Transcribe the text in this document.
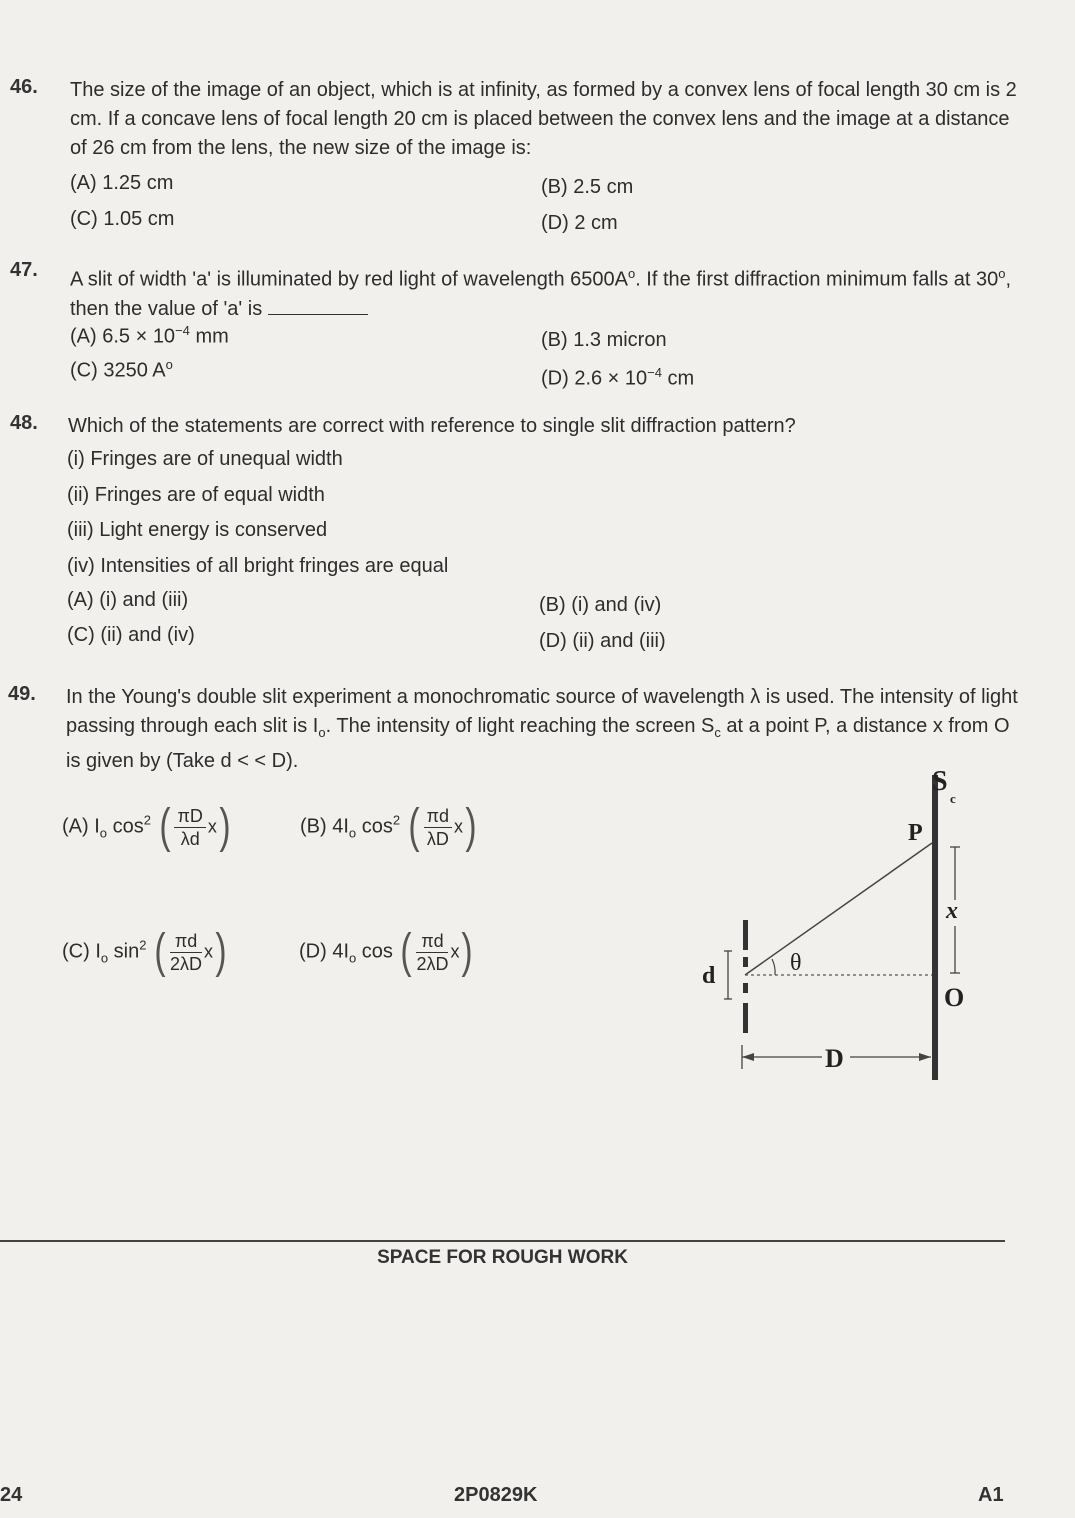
46. The size of the image of an object, which is at infinity, as formed by a convex lens of focal length 30 cm is 2 cm. If a concave lens of focal length 20 cm is placed between the convex lens and the image at a distance of 26 cm from the lens, the new size of the image is:
(A) 1.25 cm	(B) 2.5 cm
(C) 1.05 cm	(D) 2 cm
47. A slit of width 'a' is illuminated by red light of wavelength $6500A^o$. If the first diffraction minimum falls at 30$^o$, then the value of 'a' is
(A) $6.5 \times 10^{-4}$ mm	(B) 1.3 micron
(C) 3250 $A^o$
(D) $2.6 \times 10^{-4}$ cm
48. Which of the statements are correct with reference to single slit diffraction pattern?
(i) Fringes are of unequal width
(ii) Fringes are of equal width
(iii) Light energy is conserved
(iv) Intensities of all bright fringes are equal
(A) (i) and (iii)	(B) (i) and (iv)
(C) (ii) and (iv)	(D) (ii) and (iii)
49. In the Young's double slit experiment a monochromatic source of wavelength λ is used. The intensity of light passing through each slit is $I_o$. The intensity of light reaching the screen $S_c$ at a point P, a distance x from O is given by (Take d < < D).
(A) $I_o$ $\cos^2$ ( $\frac{\pi D}{\lambda d} x$)	(B) $4I_o$ $\cos^2$ ( $\frac{\pi d}{\lambda D} x$)
(C) $I_o$ $\sin^2$ ( $\frac{\pi d}{2\lambda D} x$)	(D) $4I_o$ cos ( $\frac{\pi d}{2\lambda D} x$)
S
c
P
d	θ
x
O
D
SPACE FOR ROUGH WORK
24	2P0829K	A1
